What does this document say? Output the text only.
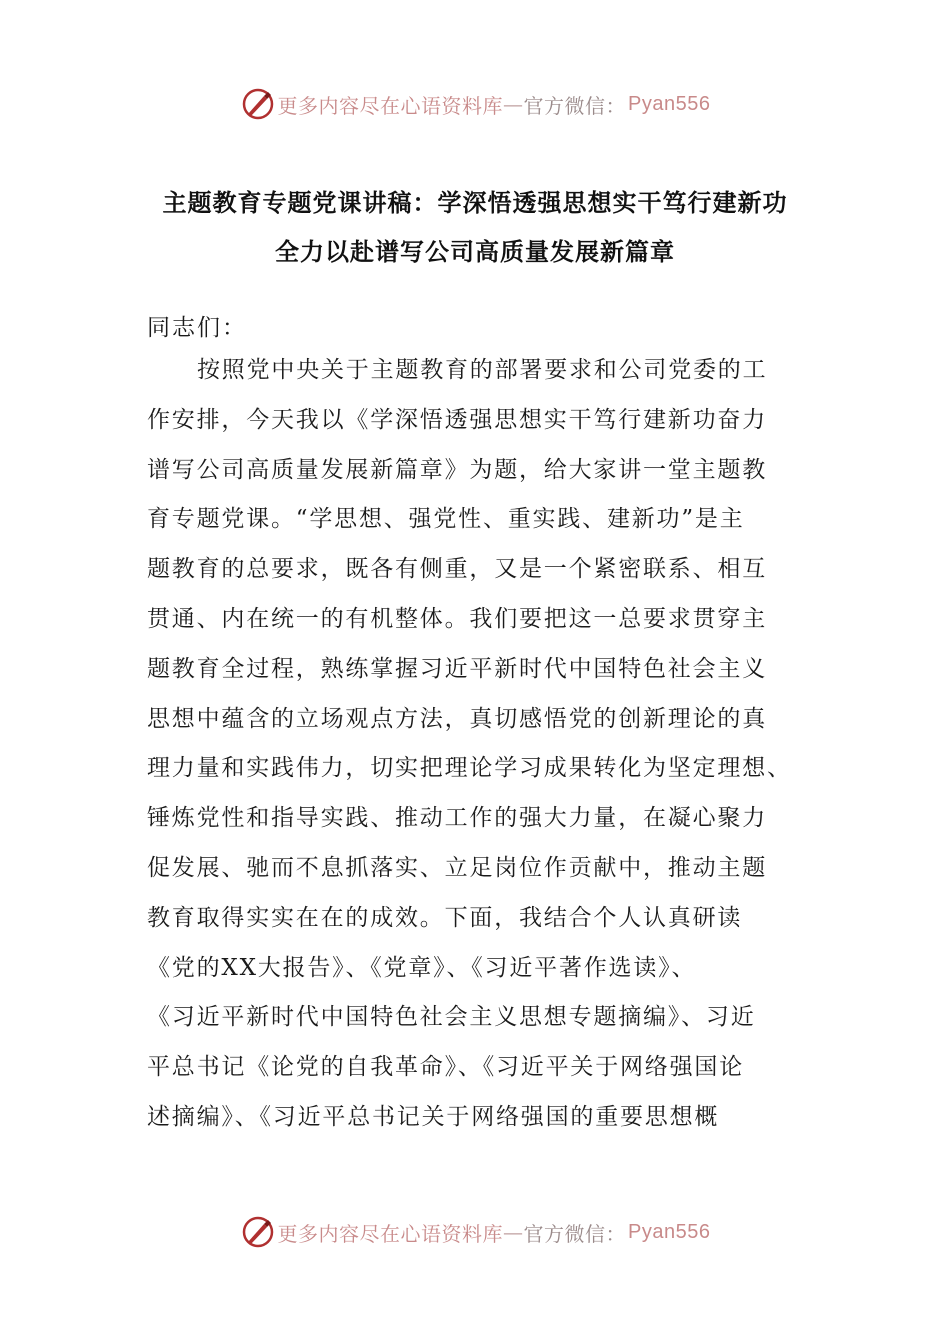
更多内容尽在心语资料库 — 官方微信： Pyan556
主题教育专题党课讲稿：学深悟透强思想实干笃行建新功
全力以赴谱写公司高质量发展新篇章
同志们：
按照党中央关于主题教育的部署要求和公司党委的工
作安排，今天我以《学深悟透强思想实干笃行建新功奋力
谱写公司高质量发展新篇章》为题，给大家讲一堂主题教
育专题党课。“学思想、强党性、重实践、建新功”是主
题教育的总要求，既各有侧重，又是一个紧密联系、相互
贯通、内在统一的有机整体。我们要把这一总要求贯穿主
题教育全过程，熟练掌握习近平新时代中国特色社会主义
思想中蕴含的立场观点方法，真切感悟党的创新理论的真
理力量和实践伟力，切实把理论学习成果转化为坚定理想、
锤炼党性和指导实践、推动工作的强大力量，在凝心聚力
促发展、驰而不息抓落实、立足岗位作贡献中，推动主题
教育取得实实在在的成效。下面，我结合个人认真研读
《党的XX大报告》、《党章》、《习近平著作选读》、
《习近平新时代中国特色社会主义思想专题摘编》、习近
平总书记《论党的自我革命》、《习近平关于网络强国论
述摘编》、《习近平总书记关于网络强国的重要思想概
更多内容尽在心语资料库 — 官方微信： Pyan556
